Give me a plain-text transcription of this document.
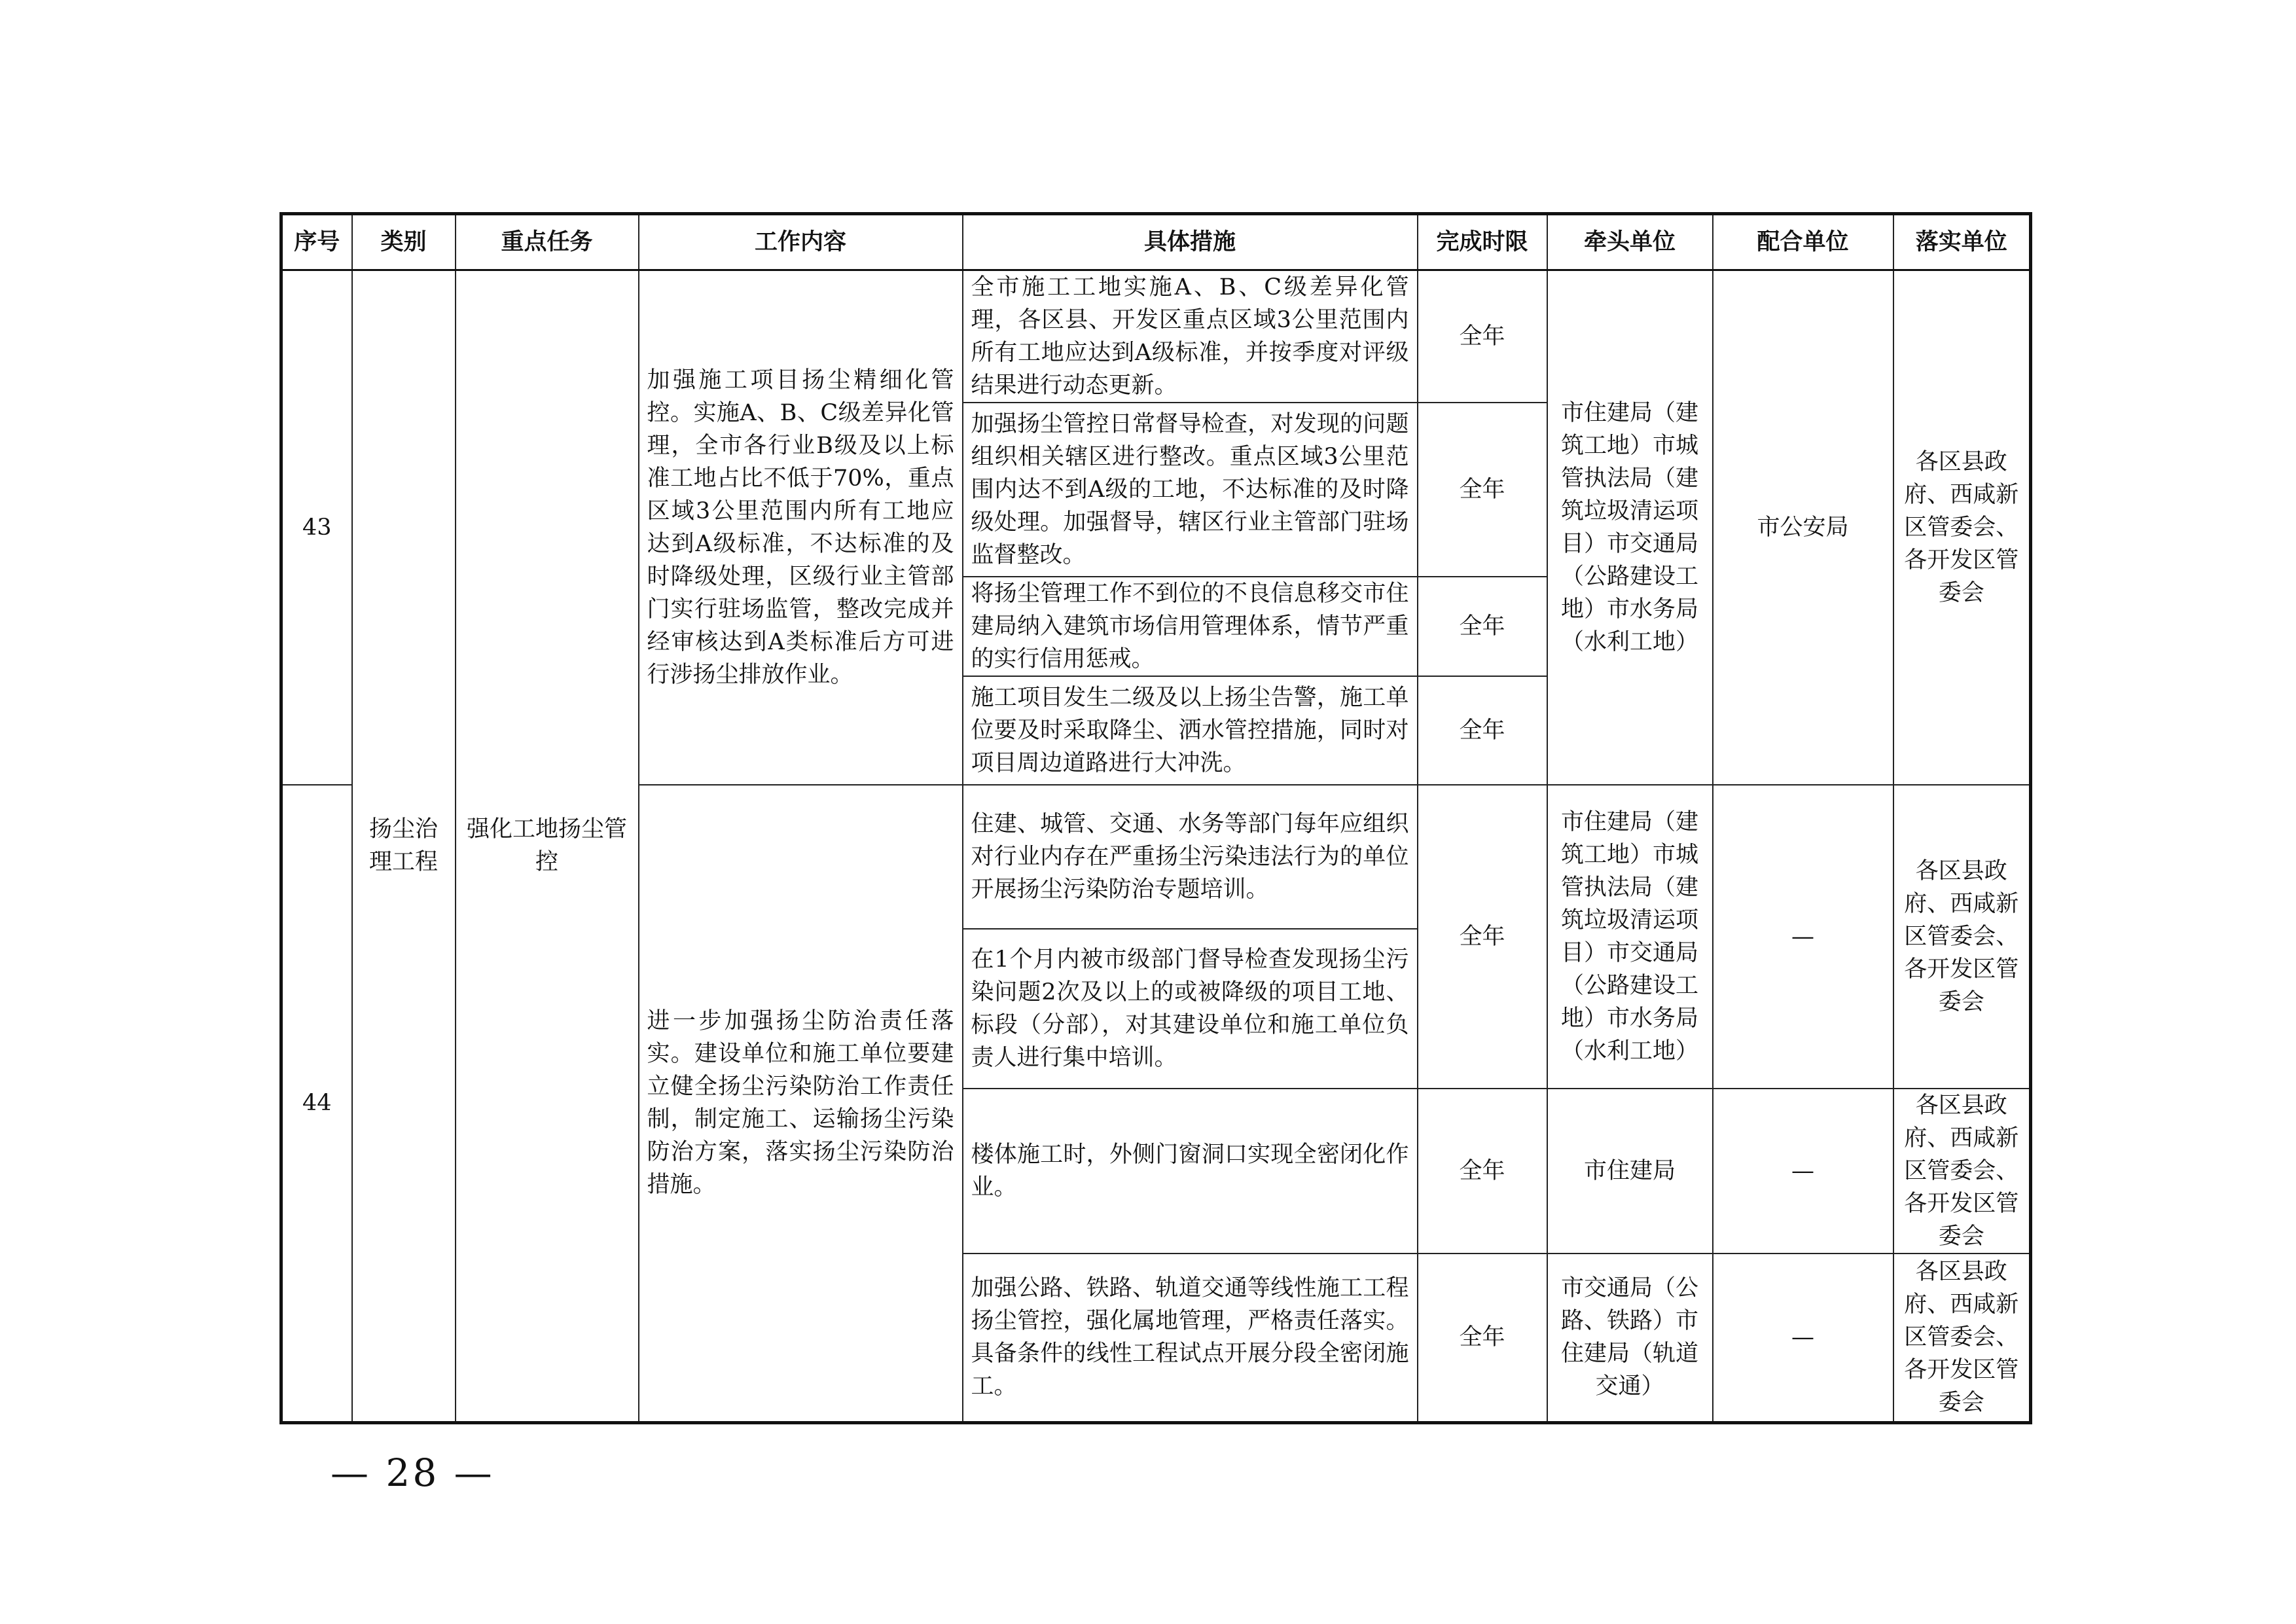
序号	类别	重点任务	工作内容	具体措施	完成时限	牵头单位	配合单位	落实单位
43	扬尘治理工程	强化工地扬尘管控	加强施工项目扬尘精细化管控。实施A、B、C级差异化管理，全市各行业B级及以上标准工地占比不低于70%，重点区域3公里范围内所有工地应达到A级标准，不达标准的及时降级处理，区级行业主管部门实行驻场监管，整改完成并经审核达到A类标准后方可进行涉扬尘排放作业。	全市施工工地实施A、B、C级差异化管理，各区县、开发区重点区域3公里范围内所有工地应达到A级标准，并按季度对评级结果进行动态更新。	全年	市住建局（建筑工地）市城管执法局（建筑垃圾清运项目）市交通局（公路建设工地）市水务局（水利工地）	市公安局	各区县政府、西咸新区管委会、各开发区管委会
				加强扬尘管控日常督导检查，对发现的问题组织相关辖区进行整改。重点区域3公里范围内达不到A级的工地，不达标准的及时降级处理。加强督导，辖区行业主管部门驻场监督整改。	全年			
				将扬尘管理工作不到位的不良信息移交市住建局纳入建筑市场信用管理体系，情节严重的实行信用惩戒。	全年			
				施工项目发生二级及以上扬尘告警，施工单位要及时采取降尘、洒水管控措施，同时对项目周边道路进行大冲洗。	全年			
44			进一步加强扬尘防治责任落实。建设单位和施工单位要建立健全扬尘污染防治工作责任制，制定施工、运输扬尘污染防治方案，落实扬尘污染防治措施。	住建、城管、交通、水务等部门每年应组织对行业内存在严重扬尘污染违法行为的单位开展扬尘污染防治专题培训。	全年	市住建局（建筑工地）市城管执法局（建筑垃圾清运项目）市交通局（公路建设工地）市水务局（水利工地）	—	各区县政府、西咸新区管委会、各开发区管委会
				在1个月内被市级部门督导检查发现扬尘污染问题2次及以上的或被降级的项目工地、标段（分部），对其建设单位和施工单位负责人进行集中培训。				
				楼体施工时，外侧门窗洞口实现全密闭化作业。	全年	市住建局	—	各区县政府、西咸新区管委会、各开发区管委会
				加强公路、铁路、轨道交通等线性施工工程扬尘管控，强化属地管理，严格责任落实。具备条件的线性工程试点开展分段全密闭施工。	全年	市交通局（公路、铁路）市住建局（轨道交通）	—	各区县政府、西咸新区管委会、各开发区管委会
— 28 —
